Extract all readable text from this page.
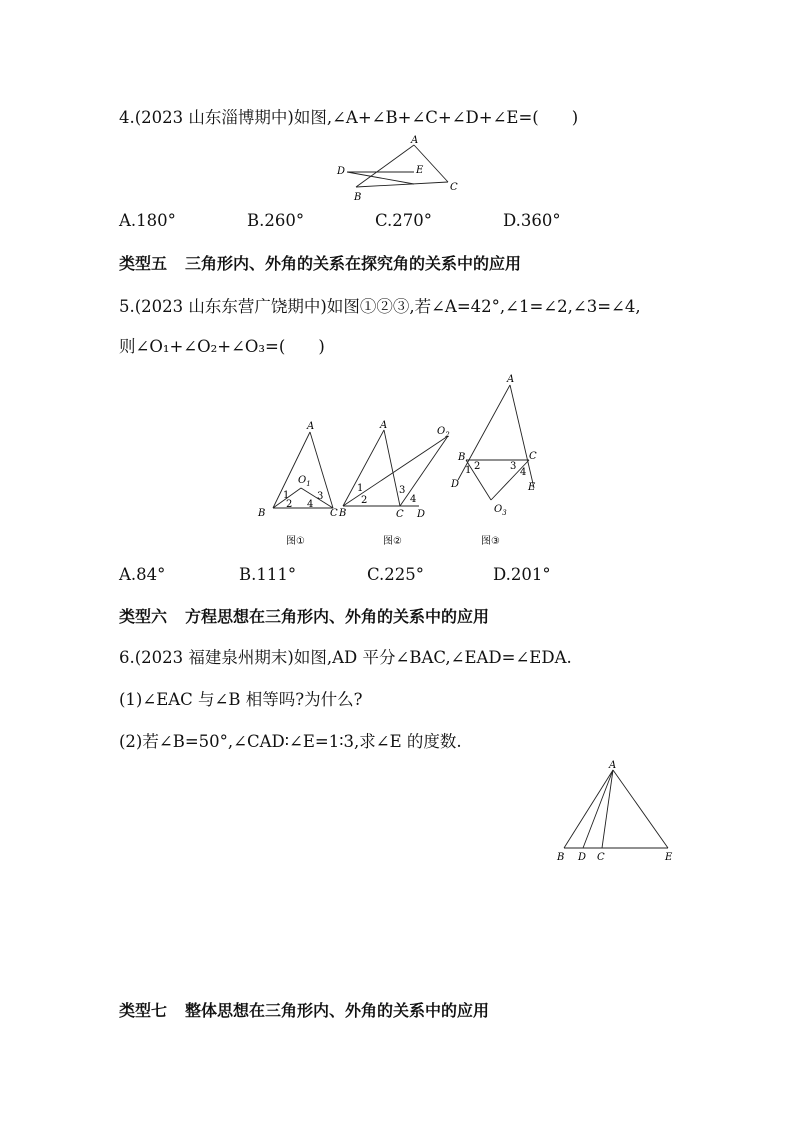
4.(2023 山东淄博期中)如图,∠A+∠B+∠C+∠D+∠E=(　　)
A
D	E
C
B
A.180°	B.260°	C.270°	D.360°
类型五 三角形内、外角的关系在探究角的关系中的应用
5.(2023 山东东营广饶期中)如图①②③,若∠A=42°,∠1=∠2,∠3=∠4,
则∠O₁+∠O₂+∠O₃=(　　)
A
B	C
$O_1$
1
2
3
4
图①
A
B	C D
$O_2$
1
2
3
4
图②
A
B	C
D	E
$O_3$
1 2	3
4
图③
A.84°	B.111°	C.225°	D.201°
类型六 方程思想在三角形内、外角的关系中的应用
6.(2023 福建泉州期末)如图,AD 平分∠BAC,∠EAD=∠EDA.
(1)∠EAC 与∠B 相等吗?为什么?
(2)若∠B=50°,∠CAD∶∠E=1∶3,求∠E 的度数.
A
B D C	E
类型七 整体思想在三角形内、外角的关系中的应用
